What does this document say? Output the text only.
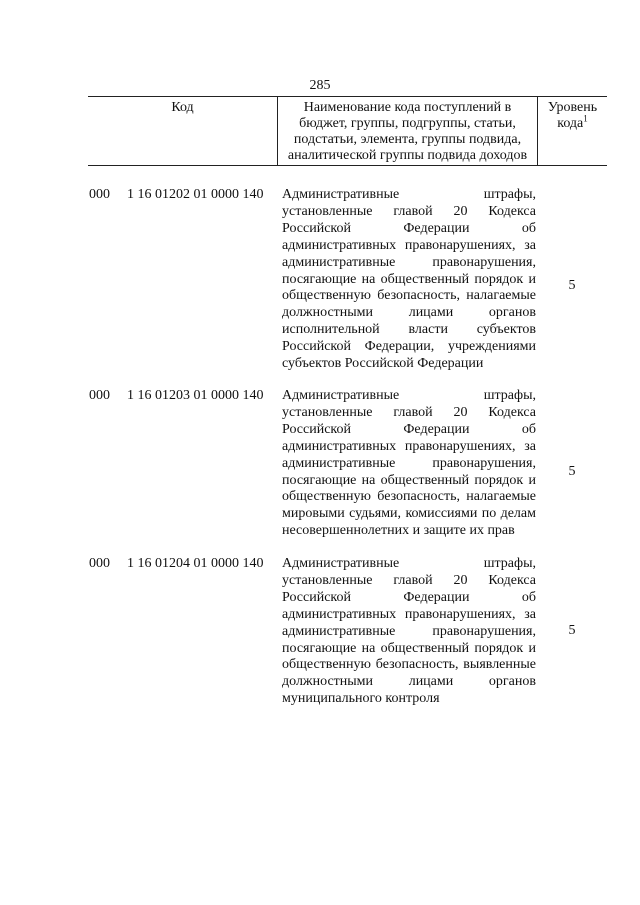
285
Код	Наименование кода поступлений в бюджет, группы, подгруппы, статьи, подстатьи, элемента, группы подвида, аналитической группы подвида доходов
Уровень кода$^1$
000 1 16 01202 01 0000 140 Административные штрафы, установленные главой 20 Кодекса Российской Федерации об административных правонарушениях, за административные правонарушения, посягающие на общественный порядок и общественную безопасность, налагаемые должностными лицами органов исполнительной власти субъектов Российской Федерации, учреждениями субъектов Российской Федерации

5
000 1 16 01203 01 0000 140 Административные штрафы, установленные главой 20 Кодекса Российской Федерации об административных правонарушениях, за административные правонарушения, посягающие на общественный порядок и общественную безопасность, налагаемые мировыми судьями, комиссиями по делам несовершеннолетних и защите их прав

5
000 1 16 01204 01 0000 140 Административные штрафы, установленные главой 20 Кодекса Российской Федерации об административных правонарушениях, за административные правонарушения, посягающие на общественный порядок и общественную безопасность, выявленные должностными лицами органов муниципального контроля

5
